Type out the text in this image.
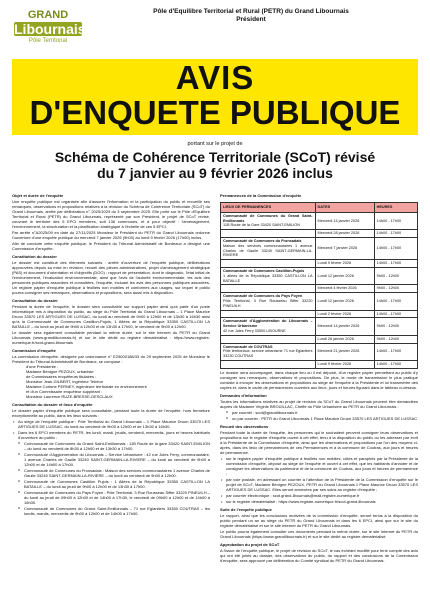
GRAND
Libournais
Pôle Territorial
Pôle d'Equilibre Territorial et Rural (PETR) du Grand Libournais
Président
AVIS
D'ENQUETE PUBLIQUE
portant sur le projet de
Schéma de Cohérence Territoriale (SCoT) révisé
du 7 janvier au 9 février 2026 inclus
Objet et durée de l'enquête
Une enquête publique est organisée afin d'assurer l'information et la participation du public et recueillir ses remarques, observations et propositions relatives à la révision du Schéma de Cohérence Territoriale (SCoT) du Grand Libournais, arrêté par délibération n° 2025/1029 du 3 septembre 2025. Elle porte sur le Pôle d'Equilibre Territorial et Rural (PETR) du Grand Libournais, représenté par son Président, le projet de SCoT révisé, couvrant le territoire des 5 EPCI membres, soit 136 communes, et à pour objectif : l'aménagement, l'environnement, la structuration et la planification stratégique à l'échelle de ces 5 EPCI.
Par arrêté n°A2025/09 en date du 27/11/2025 Monsieur le Président du PETR du Grand Libournais ordonne l'ouverture d'une enquête publique du mercredi 7 janvier 2026 (9h00) au lundi 9 février 2026 (17h00) inclus.
Afin de conduire cette enquête publique, le Président du Tribunal Administratif de Bordeaux a désigné une Commission d'enquête.
Constitution du dossier
Le dossier est constitué des éléments suivants : arrêté d'ouverture de l'enquête publique, délibérations approuvées depuis sa mise en révision, recueil des pièces administratives, projet d'aménagement stratégique (PAS) et document d'orientation et d'objectifs (DOO) ; rapport de présentation, dont le diagnostic, l'état initial de l'environnement, l'évaluation environnementale, ainsi que l'avis de l'autorité environnementale, les avis des personnes publiques associées et consultées, l'enquête, incluant les avis des personnes publiques associées. Un registre papier d'enquête publique à feuillets non mobiles et conformes aux usages, sur lequel le public pourra consigner ses remarques, observations et propositions, sera aussi mis à disposition.
Consultation du dossier
Pendant la durée de l'enquête, le dossier sera consultable sur support papier ainsi qu'à partir d'un poste informatique mis à disposition du public, au siège du Pôle Territorial du Grand Libournais – 1 Place Maurice Druon 33570 LES ARTIGUES DE LUSSAC, du lundi au vendredi de 9h00 à 12h00 et de 13h30 à 16h30 ainsi qu'à la Communauté de Communes Castillon-Pujols, 1 Allées de la République 33350 CASTILLON LA BATAILLE – du lundi au jeudi de 9h00 à 12h00 et de 13h30 à 17h00, le vendredi de 9h00 à 12h00.
Le dossier sera également consultable pendant la même durée, sur le site Internet du PETR du Grand Libournais (www.grandlibournais.fr) et sur le site dédié au registre dématérialisé : https://www.registre-numerique.fr/scot-grand-libournais
Commission d'enquête
La commission d'enquête, désignée par ordonnance n° E25000188/33 du 29 septembre 2025 de Monsieur le Président du Tribunal Administratif de Bordeaux, se compose :
d'une Présidente :
Madame Bénigne PEZOUX, urbaniste
de Commissaires enquêteurs titulaires :
Monsieur Jean-GILBERT, ingénieur Tebéon
Madame Corinne PERNEY, ingénieure territoriale en environnement
et d'un Commissaire enquêteur suppléant :
Monsieur Laurence RUZE-BRESSE-DESCLAUX
Consultation du dossier et lieux d'enquête
Le dossier papier d'enquête publique sera consultable, pendant toute la durée de l'enquête, hors fermeture exceptionnelle au public, dans les lieux suivants :
• Au siège de l'enquête publique : Pôle Territorial du Grand Libournais – 1 Place Maurice Druon 33570 LES ARTIGUES DE LUSSAC, du lundi au vendredi de 9h00 à 12h00 et de 13h30 à 16h30.
• Dans les 6 EPCI membres du PETR, les lundi, mardi, jeudis, vendredi, mercredis, jours et heures habituels d'ouverture au public :
o Communauté de Communes du Grand Saint-Emilionnais : 11B Route de la gare 33420 SAINT-EMILION – du lundi au vendredi de 8h30 à 12h00 et de 13h30 à 17h00.
o Communauté d'Agglomération du Libournais – Service Urbanisme : 42 rue Jules Ferry, communautaire, 1 avenue Charles de Gaulle 33240 SAINT-GERMAIN-LA-RIVIERE – du lundi au vendredi de 9h00 à 12h00 et de 14h00 à 17h00.
o Communauté de Communes du Fronsadais : Maison des services communautaires 1 avenue Charles de Gaulle 33240 SAINT-GERMAIN-LA-RIVIERE – du lundi au vendredi de 9h00 à 12h00.
o Communauté de Communes Castillon Pujols : 1 Allées de la République 33350 CASTILLON LA BATAILLE – du lundi au jeudi de 9h00 à 12h00 et de 13h30 à 17h00.
o Communauté de Communes du Pays Foyen : Pôle Territorial, 3 Rue Rousseau Siffer 33220 PINEUILH – du lundi au jeudi de 09h00 à 12h00 et de 14h00 à 17h30, le vendredi de 09h00 à 12h00 et de 14h00 à 16h30.
o Communauté de Communes du Grand Saint-Emilionnais – 71 rue Eglantiers 33350 COUTRAS – les lundis, mardis, mercredis de 9h00 à 12h00 et de 14h00 à 17h00.
Permanences de la Commission d'enquête
LIEUX DE PERMANENCES	DATES	HEURES

Communauté de Communes du Grand Saint-Emilionnais
11B Route de la Gare 33420 SAINT-EMILION	Mercredi 14 janvier 2026	14h00 - 17h00

	Mercredi 28 janvier 2026	14h00 - 17h00

Communauté de Communes du Fronsadais
Maison des services communautaires 1 avenue Charles de Gaulle 33240 SAINT-GERMAIN-LA-RIVIERE	Mercredi 7 janvier 2026	14h00 - 17h00

	Lundi 9 février 2026	14h00 - 17h00

Communauté de Communes Castillon-Pujols
1 allées de la République 33350 CASTILLON LA BATAILLE	Lundi 12 janvier 2026	9h00 - 12h00

	Mercredi 4 février 2026	9h00 - 12h00

Communauté de Communes du Pays Foyen
Pôle Territorial, 3 Rue Rousseau Siffer 33220 PINEUILH	Lundi 12 janvier 2026	14h00 - 17h00

	Lundi 2 février 2026	14h00 - 17h00

Communauté d'Agglomération du Libournais – Service Urbanisme
42 rue Jules Ferry 33500 LIBOURNE	Mercredi 14 janvier 2026	9h00 - 12h00

	Lundi 26 janvier 2026	9h00 - 12h00

Communauté de COUTRAS
Pôle territoriaux, service urbanisme 71 rue Eglantiers 33230 COUTRAS	Mercredi 21 janvier 2026	14h00 - 17h00

	Lundi 9 février 2026	14h00 - 17h00
Le dossier sera accompagné, dans chaque lieu où il est déposé, d'un registre papier permettant au public d'y consigner ses remarques, observations et propositions. De plus, le mode de transmission le plus pratique consiste à envoyer les observations et propositions au siège de l'enquête à la Présidente et lui transmettre des copies et, dans le cadre de permanences ouvertes aux lieux, jours et heures figurant dans le tableau ci-dessus.
Demandes d'information
Toutes les informations relatives au projet de révision du SCoT du Grand Libournais peuvent être demandées auprès de Madame Virginie BROUILLAC, Cheffe du Pôle Urbanisme au PETR du Grand Libournais :
o par courriel : scot@grandlibournais.fr
o ou par courrier : PETR du Grand Libournais 1 Place Maurice Druon 33570 LES ARTIGUES DE LUSSAC
Recueil des observations
Pendant toute la durée de l'enquête, les personnes qui le souhaitent peuvent consigner leurs observations et propositions sur le registre d'enquête ouvert à cet effet, tenu à la disposition du public ou les adresser par écrit à la Présidente de la Commission d'enquête, ainsi que les observations et propositions par l'un des moyens ci-après, dans les lieux de permanences de ces Permanences et à la commune de Coutras, aux jours et heures de permanence.
• sur le registre papier d'enquête publique à feuillets non mobiles, côtés et paraphés par la Présidente de la commission d'enquête, déposé au siège de l'enquête et ouvert à cet effet, que les habitants d'annoter et de consigner les observations du patrimoine et de la commune de Coutras, aux jours et heures de permanence ;
• par voie postale, en adressant un courrier à l'attention de la Présidente de la Commission d'enquête sur le projet de SCoT, Madame Bénigne PEZOUX, PETR du Grand Libournais 1 Place Maurice Druon 33570 LES ARTIGUES DE LUSSAC. Elles seront annexées par ses soins au registre d'enquête ;
• par courrier électronique : scot.grand-libournais@mail.registre-numerique.fr
• sur le registre dématérialisé : https://www.registre-numerique.fr/scot-grand-libournais
Suite de l'enquête publique
Le rapport, ainsi que les conclusions motivées de la commission d'enquête, seront tenus à la disposition du public pendant un an au siège du PETR du Grand Libournais et dans les 6 EPCI, ainsi que sur le site du registre dématérialisé et sur le site Internet du PETR du Grand Libournais.
Le public pourra également consulter ces documents pendant la même durée, sur le site Internet du PETR du Grand Libournais (https://www.grandlibournais.fr) et sur le site dédié au registre dématérialisé.
Approbation du projet de SCoT
A l'issue de l'enquête publique, le projet de révision du SCoT, le cas échéant modifié pour tenir compte des avis qui ont été joints au dossier, des observations du public, du rapport et des conclusions de la Commission d'enquête, sera approuvé par délibération du Comité syndical du PETR du Grand Libournais.
